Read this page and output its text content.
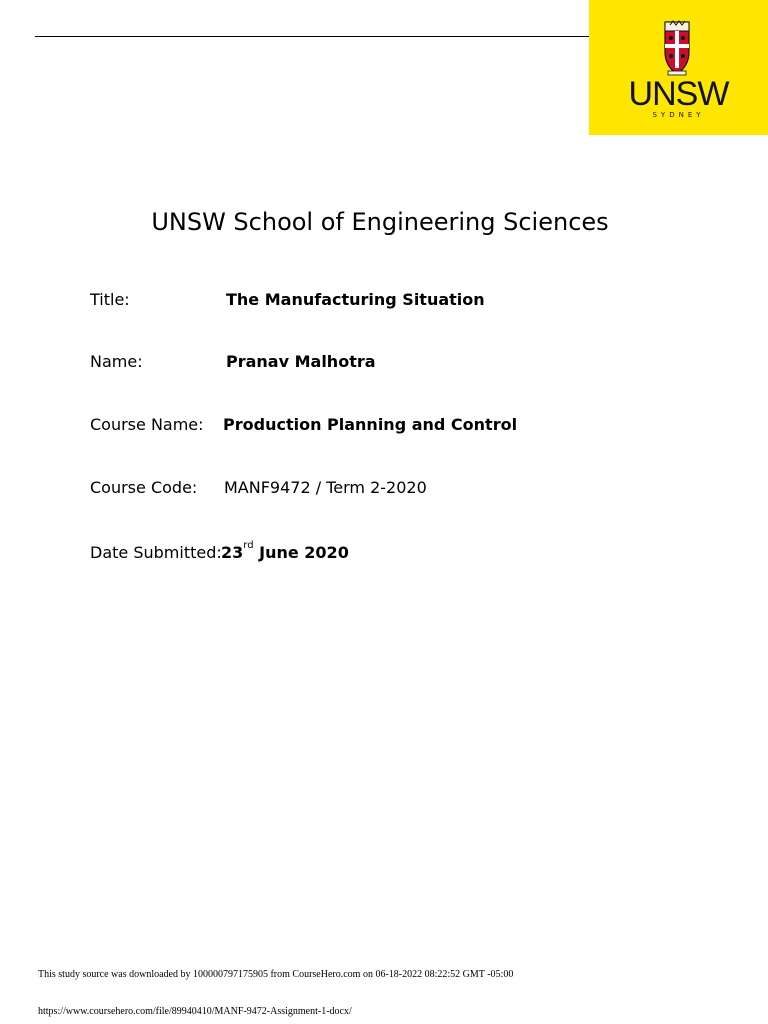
UNSW
SYDNEY
UNSW School of Engineering Sciences
Title:	The Manufacturing Situation
Name:	Pranav Malhotra
Course Name: Production Planning and Control
Course Code: MANF9472 / Term 2-2020
Date Submitted: 23rd June 2020
This study source was downloaded by 100000797175905 from CourseHero.com on 06-18-2022 08:22:52 GMT -05:00
https://www.coursehero.com/file/89940410/MANF-9472-Assignment-1-docx/
